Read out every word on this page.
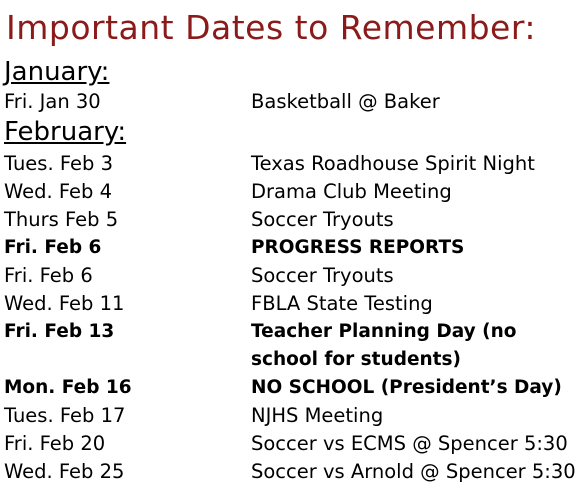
Important Dates to Remember:
January:
Fri. Jan 30	Basketball @ Baker
February:
Tues. Feb 3	Texas Roadhouse Spirit Night
Wed. Feb 4	Drama Club Meeting
Thurs Feb 5	Soccer Tryouts
Fri. Feb 6	PROGRESS REPORTS
Fri. Feb 6	Soccer Tryouts
Wed. Feb 11	FBLA State Testing
Fri. Feb 13	Teacher Planning Day (no
school for students)
Mon. Feb 16	NO SCHOOL (President’s Day)
Tues. Feb 17	NJHS Meeting
Fri. Feb 20	Soccer vs ECMS @ Spencer 5:30
Wed. Feb 25	Soccer vs Arnold @ Spencer 5:30
